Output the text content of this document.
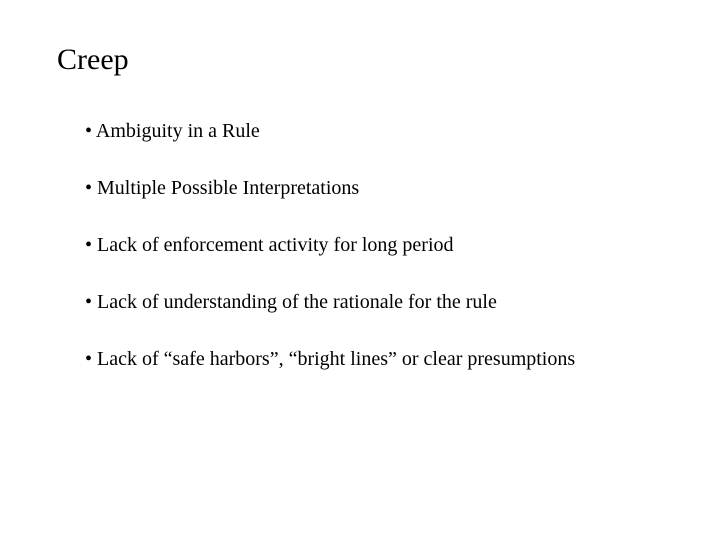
Creep
• Ambiguity in a Rule
• Multiple Possible Interpretations
• Lack of enforcement activity for long period
• Lack of understanding of the rationale for the rule
• Lack of “safe harbors”, “bright lines” or clear presumptions
